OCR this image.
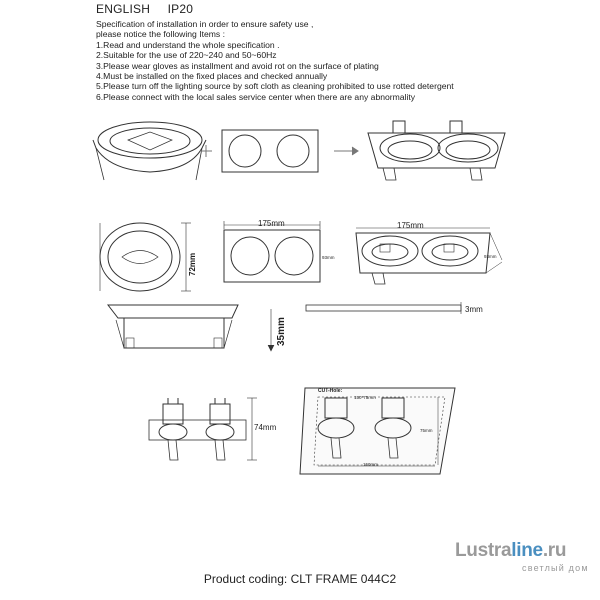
ENGLISH IP20
Specification of installation in order to ensure safety use ,
please notice the following Items :
1.Read and understand the whole specification .
2.Suitable for the use of 220~240 and 50~60Hz
3.Please wear gloves as installment and avoid rot on the surface of plating
4.Must be installed on the fixed places and checked annually
5.Please turn off the lighting source by soft cloth as cleaning prohibited to use rotted detergent
6.Please connect with the local sales service center when there are any abnormality
175mm	175mm
72mm	93mm	93mm
35mm
3mm
74mm
CUT-Hole:
150*75mm
150mm
75mm
Lustraline.ru
светлый дом
Product coding: CLT FRAME 044C2
